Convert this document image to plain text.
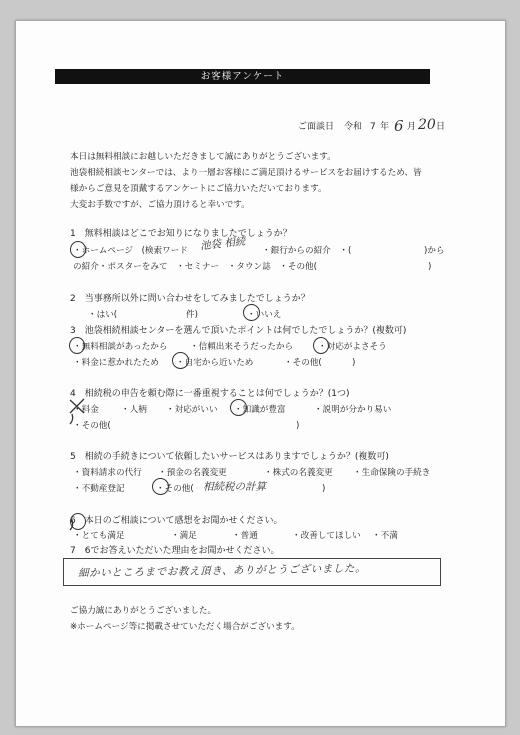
お客様アンケート
ご面談日 令和 7 年 6 月 20 日
本日は無料相談にお越しいただきまして誠にありがとうございます。
池袋相続相談センターでは、より一層お客様にご満足頂けるサービスをお届けするため、皆
様からご意見を頂戴するアンケートにご協力いただいております。
大変お手数ですが、ご協力頂けると幸いです。
1　無料相談はどこでお知りになりましたでしょうか？
・ホームページ　(検索ワード 池袋 相続 ・銀行からの紹介　・(	)から
の紹介・ポスターをみて　・セミナー　・タウン誌　・その他(	)
2　当事務所以外に問い合わせをしてみましたでしょうか？
・はい(	件)	・いいえ
3　池袋相続相談センターを選んで頂いたポイントは何でしたでしょうか？(複数可)
・無料相談があったから	・信頼出来そうだったから	・対応がよさそう
・料金に惹かれたため ・自宅から近いため	・その他(	)
4　相続税の申告を頼む際に一番重視することは何でしょうか？(1つ)
・料金	・人柄 ・対応がいい ・知識が豊富	・説明が分かり易い
・その他(	)
5　相続の手続きについて依頼したいサービスはありますでしょうか？(複数可)
・資料請求の代行 ・預金の名義変更	・株式の名義変更 ・生命保険の手続き
・不動産登記	・その他( 相続税の計算	)
6　本日のご相談について感想をお聞かせください。
・とても満足	・満足	・普通	・改善してほしい ・不満
7　6でお答えいただいた理由をお聞かせください。
細かいところまでお教え頂き、ありがとうございました。
ご協力誠にありがとうございました。
※ホームページ等に掲載させていただく場合がございます。
